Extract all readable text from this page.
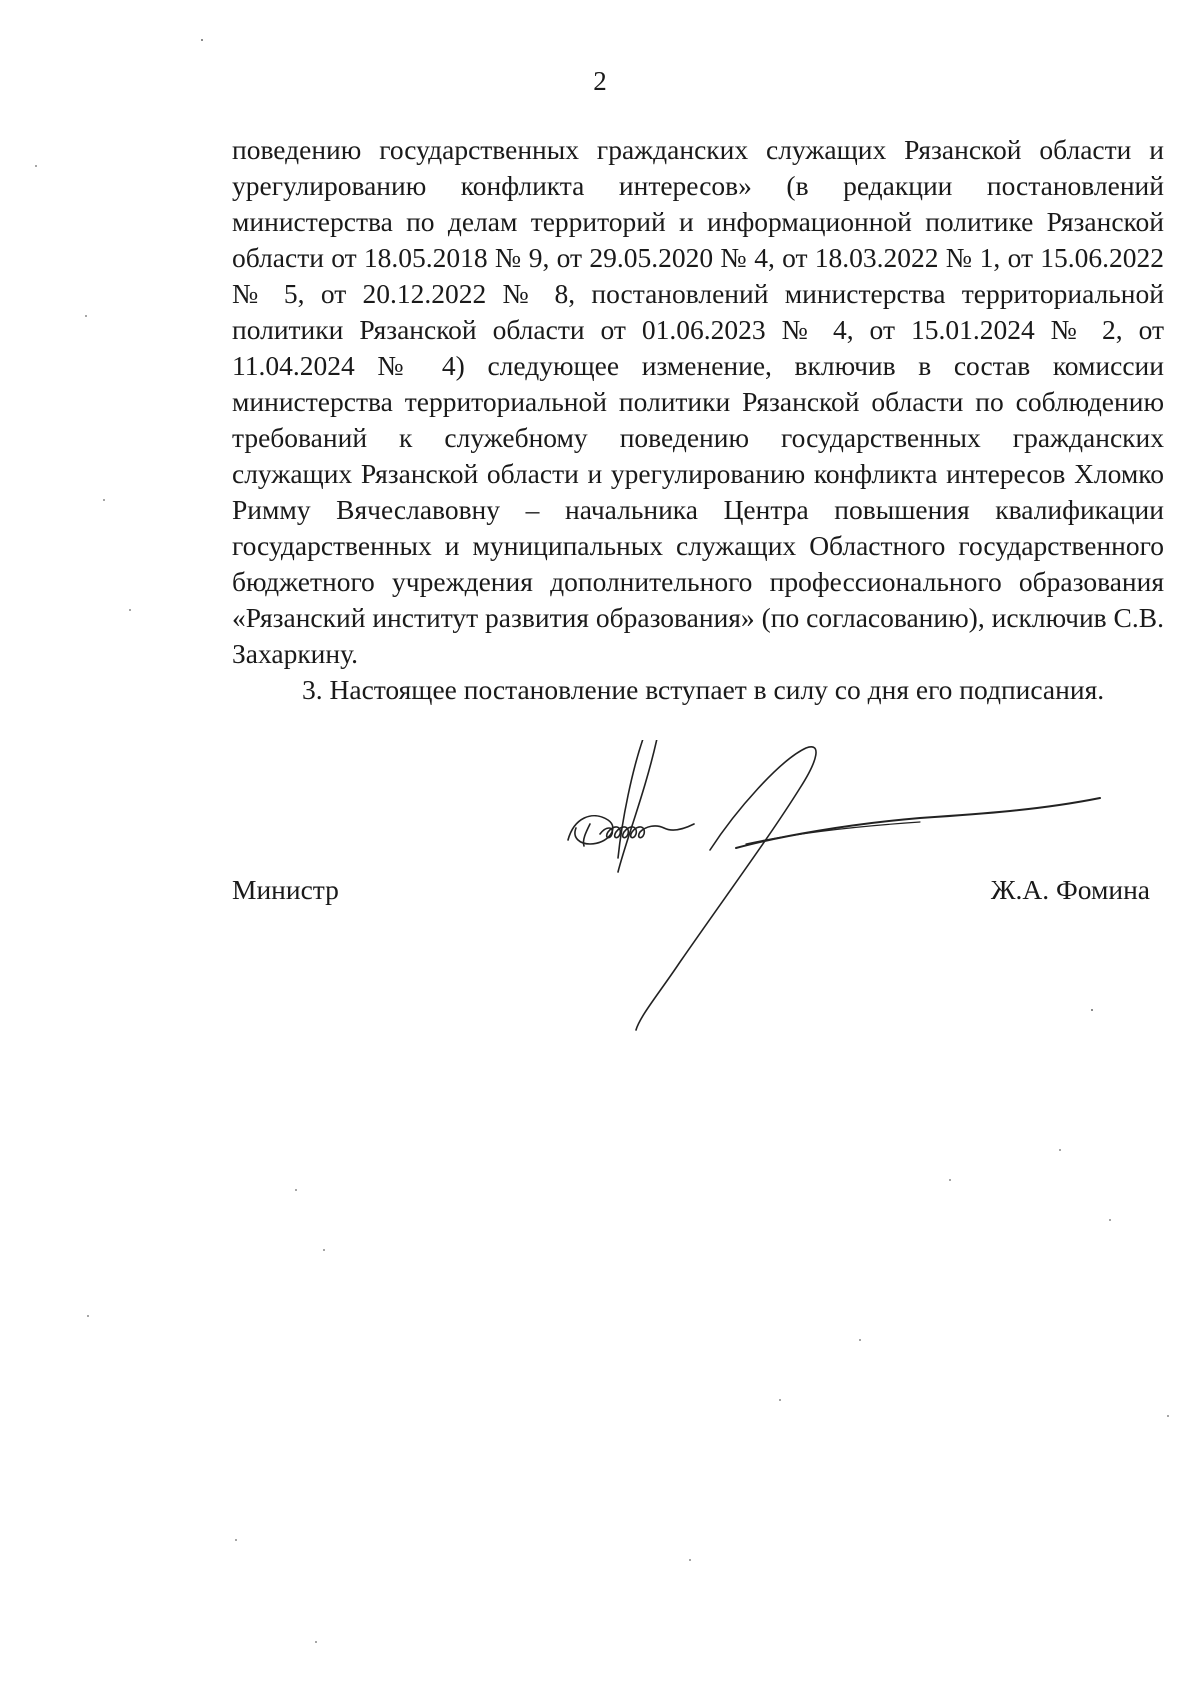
2

поведению государственных гражданских служащих Рязанской области и урегулированию конфликта интересов» (в редакции постановлений министерства по делам территорий и информационной политике Рязанской области от 18.05.2018 № 9, от 29.05.2020 № 4, от 18.03.2022 № 1, от 15.06.2022 № 5, от 20.12.2022 № 8, постановлений министерства территориальной политики Рязанской области от 01.06.2023 № 4, от 15.01.2024 № 2, от 11.04.2024 № 4) следующее изменение, включив в состав комиссии министерства территориальной политики Рязанской области по соблюдению требований к служебному поведению государственных гражданских служащих Рязанской области и урегулированию конфликта интересов Хломко Римму Вячеславовну – начальника Центра повышения квалификации государственных и муниципальных служащих Областного государственного бюджетного учреждения дополнительного профессионального образования «Рязанский институт развития образования» (по согласованию), исключив С.В. Захаркину.

3. Настоящее постановление вступает в силу со дня его подписания.

Министр	Ж.А. Фомина
